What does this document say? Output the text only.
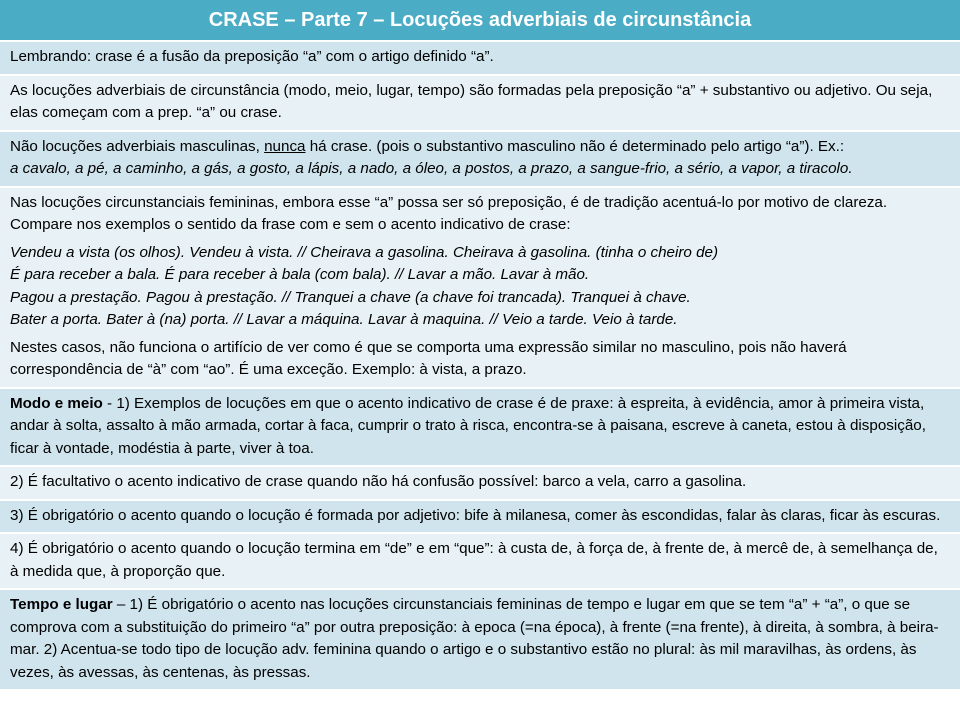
CRASE – Parte 7 – Locuções adverbiais de circunstância

Lembrando: crase é a fusão da preposição “a” com o artigo definido “a”.

As locuções adverbiais de circunstância (modo, meio, lugar, tempo) são formadas pela preposição “a” + substantivo ou adjetivo. Ou seja, elas começam com a prep. “a” ou crase.

Não locuções adverbiais masculinas, nunca há crase. (pois o substantivo masculino não é determinado pelo artigo “a”). Ex.:

a cavalo, a pé, a caminho, a gás, a gosto, a lápis, a nado, a óleo, a postos, a prazo, a sangue-frio, a sério, a vapor, a tiracolo.

Nas locuções circunstanciais femininas, embora esse “a” possa ser só preposição, é de tradição acentuá-lo por motivo de clareza. Compare nos exemplos o sentido da frase com e sem o acento indicativo de crase:

Vendeu a vista (os olhos). Vendeu à vista. // Cheirava a gasolina. Cheirava à gasolina. (tinha o cheiro de)

É para receber a bala. É para receber à bala (com bala). // Lavar a mão. Lavar à mão.

Pagou a prestação. Pagou à prestação. // Tranquei a chave (a chave foi trancada). Tranquei à chave.

Bater a porta. Bater à (na) porta. // Lavar a máquina. Lavar à maquina. // Veio a tarde. Veio à tarde.

Nestes casos, não funciona o artifício de ver como é que se comporta uma expressão similar no masculino, pois não haverá correspondência de “à” com “ao”. É uma exceção. Exemplo: à vista, a prazo.

Modo e meio - 1) Exemplos de locuções em que o acento indicativo de crase é de praxe: à espreita, à evidência, amor à primeira vista, andar à solta, assalto à mão armada, cortar à faca, cumprir o trato à risca, encontra-se à paisana, escreve à caneta, estou à disposição, ficar à vontade, modéstia à parte, viver à toa.

2) É facultativo o acento indicativo de crase quando não há confusão possível: barco a vela, carro a gasolina.

3) É obrigatório o acento quando o locução é formada por adjetivo: bife à milanesa, comer às escondidas, falar às claras, ficar às escuras.

4) É obrigatório o acento quando o locução termina em “de” e em “que”: à custa de, à força de, à frente de, à mercê de, à semelhança de, à medida que, à proporção que.

Tempo e lugar – 1) É obrigatório o acento nas locuções circunstanciais femininas de tempo e lugar em que se tem “a” + “a”, o que se comprova com a substituição do primeiro “a” por outra preposição: à epoca (=na época), à frente (=na frente), à direita, à sombra, à beira-mar. 2) Acentua-se todo tipo de locução adv. feminina quando o artigo e o substantivo estão no plural: às mil maravilhas, às ordens, às vezes, às avessas, às centenas, às pressas.
